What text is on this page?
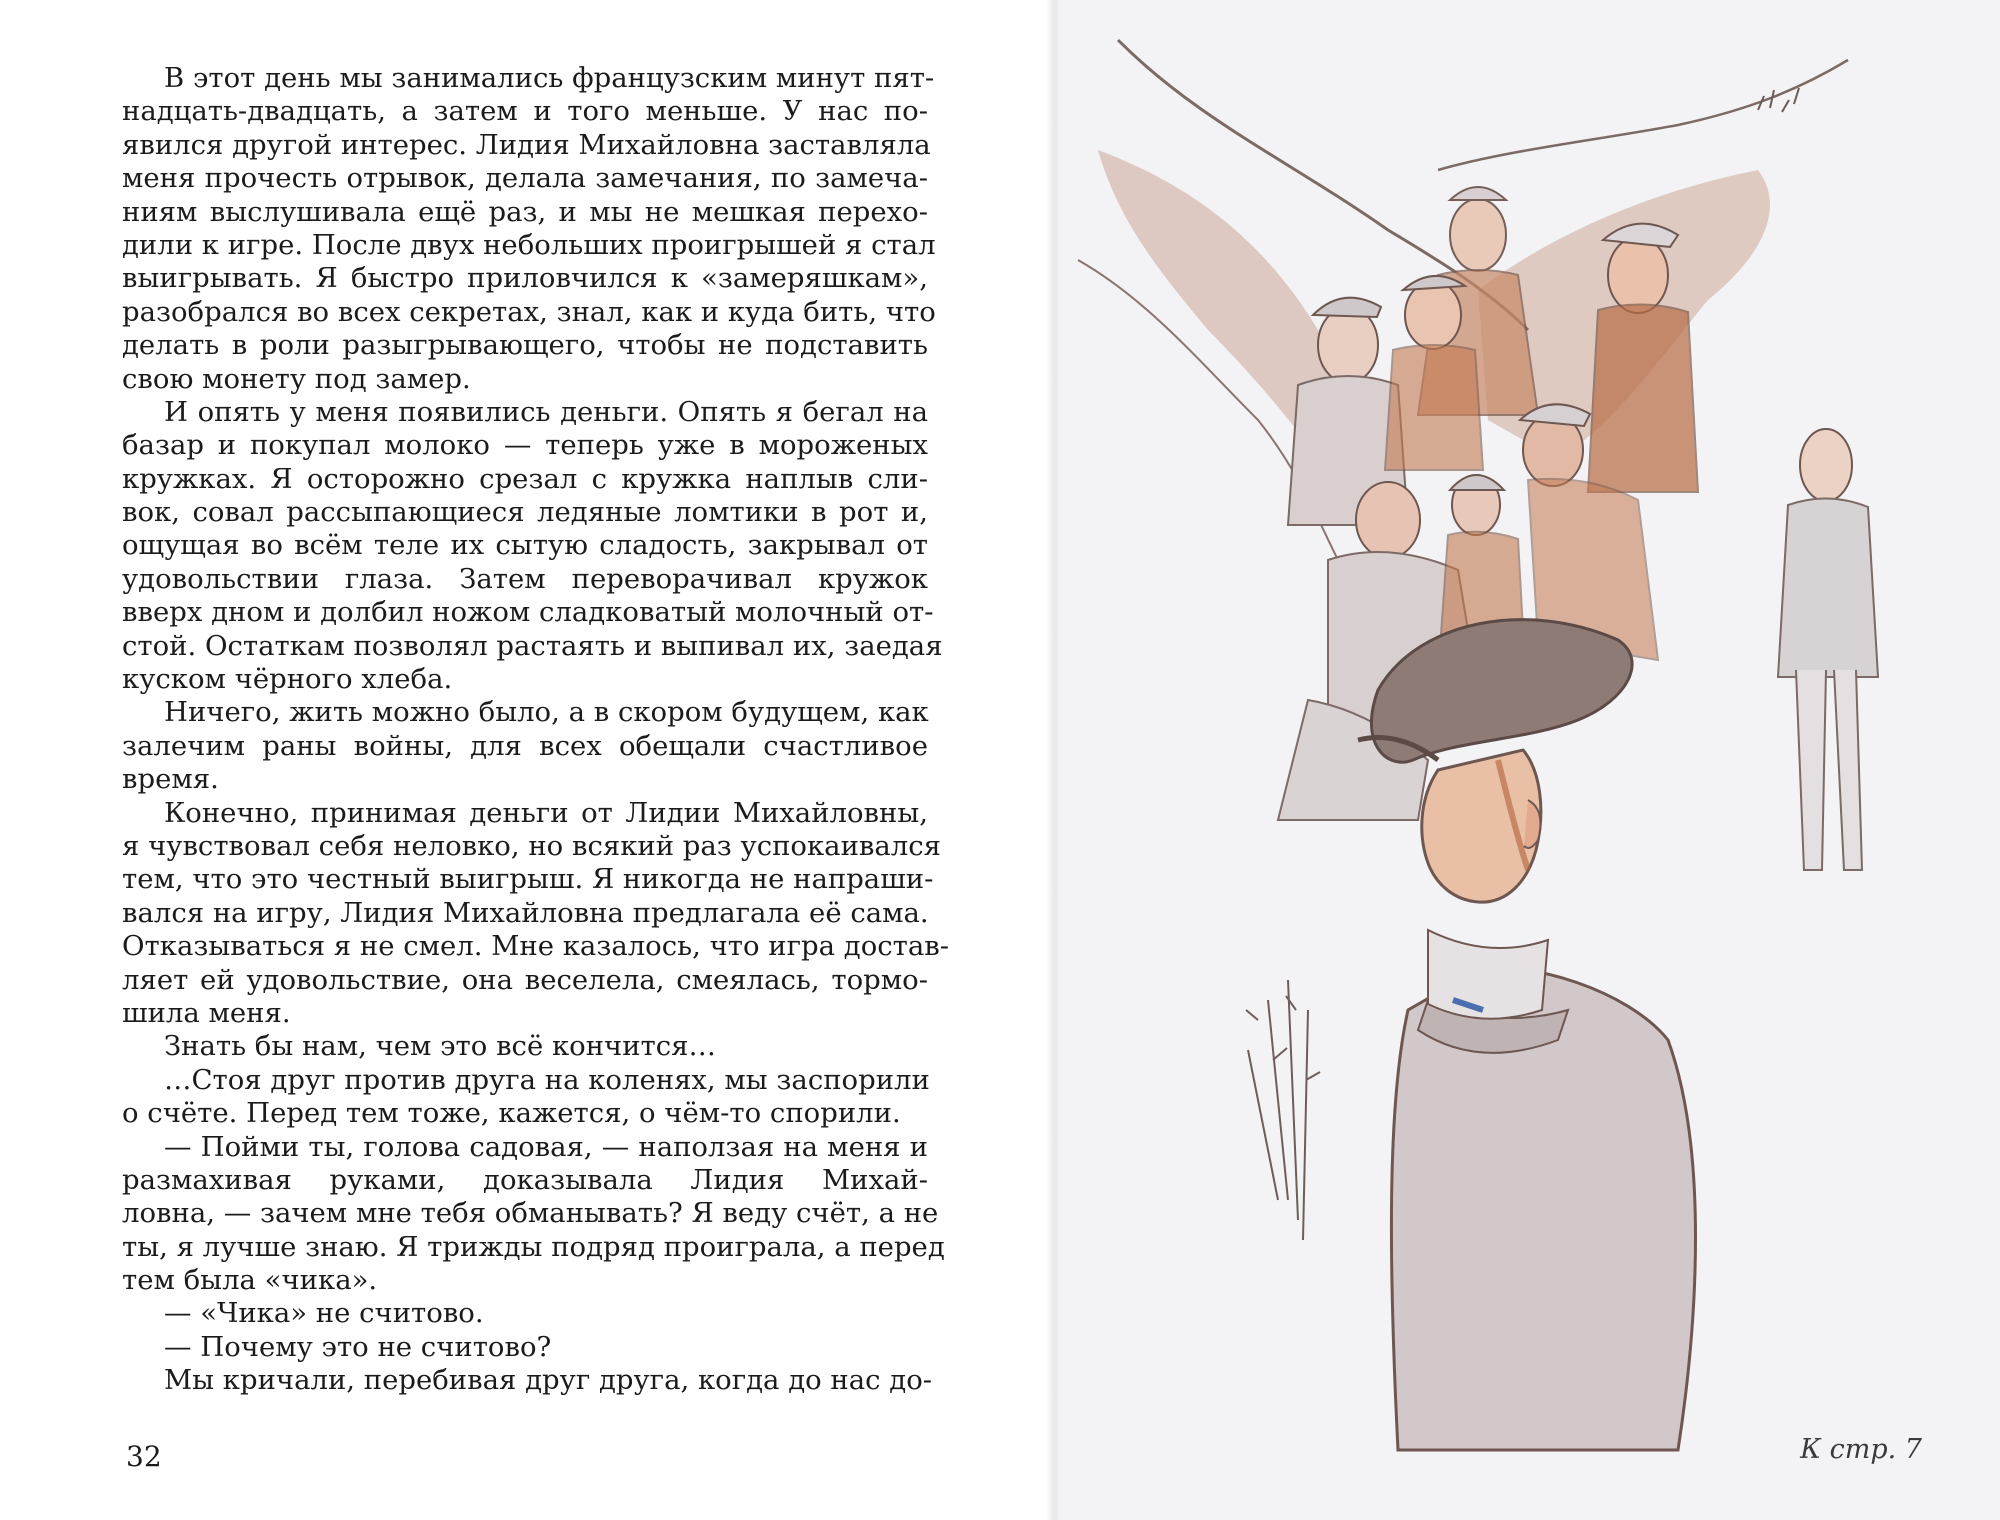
В этот день мы занимались французским минут пят-
надцать-двадцать, а затем и того меньше. У нас по-
явился другой интерес. Лидия Михайловна заставляла
меня прочесть отрывок, делала замечания, по замеча-
ниям выслушивала ещё раз, и мы не мешкая перехо-
дили к игре. После двух небольших проигрышей я стал
выигрывать. Я быстро приловчился к «замеряшкам»,
разобрался во всех секретах, знал, как и куда бить, что
делать в роли разыгрывающего, чтобы не подставить
свою монету под замер.
И опять у меня появились деньги. Опять я бегал на
базар и покупал молоко — теперь уже в мороженых
кружках. Я осторожно срезал с кружка наплыв сли-
вок, совал рассыпающиеся ледяные ломтики в рот и,
ощущая во всём теле их сытую сладость, закрывал от
удовольствии глаза. Затем переворачивал кружок
вверх дном и долбил ножом сладковатый молочный от-
стой. Остаткам позволял растаять и выпивал их, заедая
куском чёрного хлеба.
Ничего, жить можно было, а в скором будущем, как
залечим раны войны, для всех обещали счастливое
время.
Конечно, принимая деньги от Лидии Михайловны,
я чувствовал себя неловко, но всякий раз успокаивался
тем, что это честный выигрыш. Я никогда не напраши-
вался на игру, Лидия Михайловна предлагала её сама.
Отказываться я не смел. Мне казалось, что игра достав-
ляет ей удовольствие, она веселела, смеялась, тормо-
шила меня.
Знать бы нам, чем это всё кончится…
…Стоя друг против друга на коленях, мы заспорили
о счёте. Перед тем тоже, кажется, о чём-то спорили.
— Пойми ты, голова садовая, — наползая на меня и
размахивая руками, доказывала Лидия Михай-
ловна, — зачем мне тебя обманывать? Я веду счёт, а не
ты, я лучше знаю. Я трижды подряд проиграла, а перед
тем была «чика».
— «Чика» не считово.
— Почему это не считово?
Мы кричали, перебивая друг друга, когда до нас до-
32	К стр. 7
